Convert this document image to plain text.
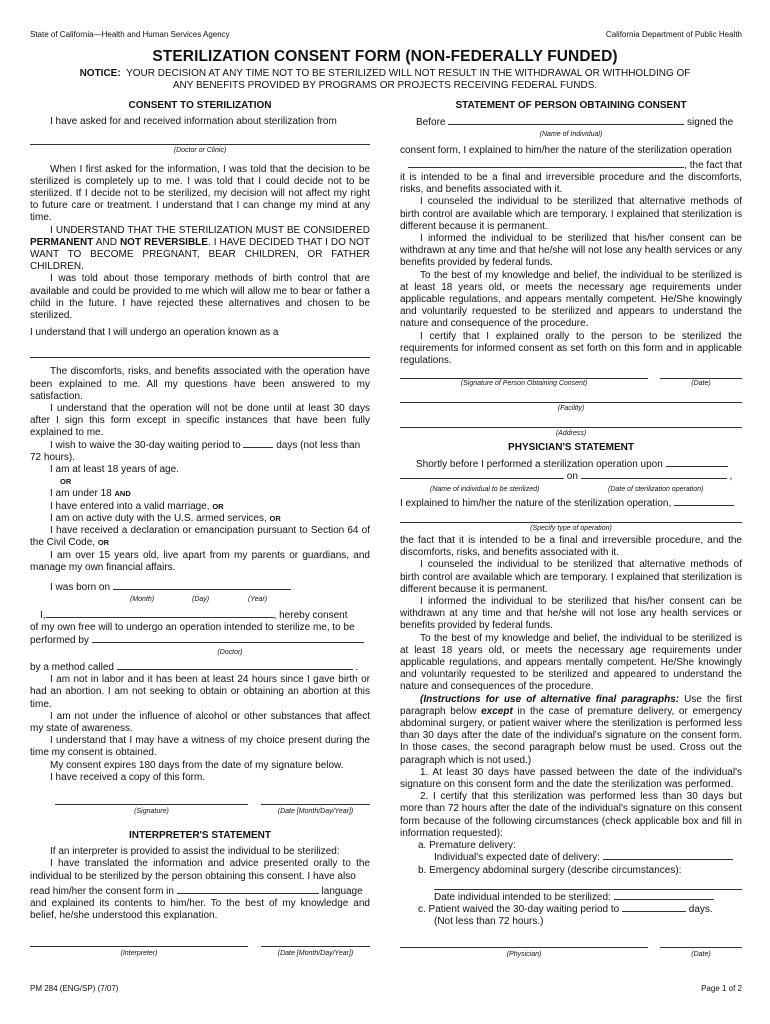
State of California—Health and Human Services Agency	California Department of Public Health
STERILIZATION CONSENT FORM (NON-FEDERALLY FUNDED)
NOTICE: YOUR DECISION AT ANY TIME NOT TO BE STERILIZED WILL NOT RESULT IN THE WITHDRAWAL OR WITHHOLDING OF
ANY BENEFITS PROVIDED BY PROGRAMS OR PROJECTS RECEIVING FEDERAL FUNDS.

CONSENT TO STERILIZATION

I have asked for and received information about sterilization from

(Doctor or Clinic)

When I first asked for the information, I was told that the decision to be sterilized is completely up to me. I was told that I could decide not to be sterilized. If I decide not to be sterilized, my decision will not affect my right to future care or treatment. I understand that I can change my mind at any time.

I UNDERSTAND THAT THE STERILIZATION MUST BE CONSIDERED PERMANENT AND NOT REVERSIBLE. I HAVE DECIDED THAT I DO NOT WANT TO BECOME PREGNANT, BEAR CHILDREN, OR FATHER CHILDREN.

I was told about those temporary methods of birth control that are available and could be provided to me which will allow me to bear or father a child in the future. I have rejected these alternatives and chosen to be sterilized.

I understand that I will undergo an operation known as a

The discomforts, risks, and benefits associated with the operation have been explained to me. All my questions have been answered to my satisfaction.

I understand that the operation will not be done until at least 30 days after I sign this form except in specific instances that have been fully explained to me.

I wish to waive the 30-day waiting period to	days (not less than 72 hours).

I am at least 18 years of age.

OR

I am under 18 AND

I have entered into a valid marriage, OR

I am on active duty with the U.S. armed services, OR

I have received a declaration or emancipation pursuant to Section 64 of the Civil Code, OR

I am over 15 years old, live apart from my parents or guardians, and manage my own financial affairs.

I was born on

(Month)	(Day)	(Year)

I,	, hereby consent

of my own free will to undergo an operation intended to sterilize me, to be

performed by

(Doctor)

by a method called	.

I am not in labor and it has been at least 24 hours since I gave birth or had an abortion. I am not seeking to obtain or obtaining an abortion at this time.

I am not under the influence of alcohol or other substances that affect my state of awareness.

I understand that I may have a witness of my choice present during the time my consent is obtained.

My consent expires 180 days from the date of my signature below.

I have received a copy of this form.

(Signature)	(Date [Month/Day/Year])

INTERPRETER'S STATEMENT

If an interpreter is provided to assist the individual to be sterilized:

I have translated the information and advice presented orally to the individual to be sterilized by the person obtaining this consent. I have also

read him/her the consent form in	language

and explained its contents to him/her. To the best of my knowledge and belief, he/she understood this explanation.

(Interpreter)	(Date [Month/Day/Year])

STATEMENT OF PERSON OBTAINING CONSENT

Before	signed the

(Name of Individual)

consent form, I explained to him/her the nature of the sterilization operation

, the fact that

it is intended to be a final and irreversible procedure and the discomforts, risks, and benefits associated with it.

I counseled the individual to be sterilized that alternative methods of birth control are available which are temporary. I explained that sterilization is different because it is permanent.

I informed the individual to be sterilized that his/her consent can be withdrawn at any time and that he/she will not lose any health services or any benefits provided by federal funds.

To the best of my knowledge and belief, the individual to be sterilized is at least 18 years old, or meets the necessary age requirements under applicable regulations, and appears mentally competent. He/She knowingly and voluntarily requested to be sterilized and appears to understand the nature and consequence of the procedure.

I certify that I explained orally to the person to be sterilized the requirements for informed consent as set forth on this form and in applicable regulations.

(Signature of Person Obtaining Consent)	(Date)
(Facility)
(Address)

PHYSICIAN'S STATEMENT

Shortly before I performed a sterilization operation upon

on	,

(Name of individual to be sterilized)	(Date of sterilization operation)

I explained to him/her the nature of the sterilization operation,

(Specify type of operation)

the fact that it is intended to be a final and irreversible procedure, and the discomforts, risks, and benefits associated with it.

I counseled the individual to be sterilized that alternative methods of birth control are available which are temporary. I explained that sterilization is different because it is permanent.

I informed the individual to be sterilized that his/her consent can be withdrawn at any time and that he/she will not lose any health services or benefits provided by federal funds.

To the best of my knowledge and belief, the individual to be sterilized is at least 18 years old, or meets the necessary age requirements under applicable regulations, and appears mentally competent. He/She knowingly and voluntarily requested to be sterilized and appeared to understand the nature and consequences of the procedure.

(Instructions for use of alternative final paragraphs: Use the first paragraph below except in the case of premature delivery, or emergency abdominal surgery, or patient waiver where the sterilization is performed less than 30 days after the date of the individual's signature on the consent form. In those cases, the second paragraph below must be used. Cross out the paragraph which is not used.)

1. At least 30 days have passed between the date of the individual's signature on this consent form and the date the sterilization was performed.

2. I certify that this sterilization was performed less than 30 days but more than 72 hours after the date of the individual's signature on this consent form because of the following circumstances (check applicable box and fill in information requested):

a. Premature delivery:

Individual's expected date of delivery:

b. Emergency abdominal surgery (describe circumstances):

Date individual intended to be sterilized:

c. Patient waived the 30-day waiting period to	days.

(Not less than 72 hours.)

(Physician)	(Date)
PM 284 (ENG/SP) (7/07)	Page 1 of 2
